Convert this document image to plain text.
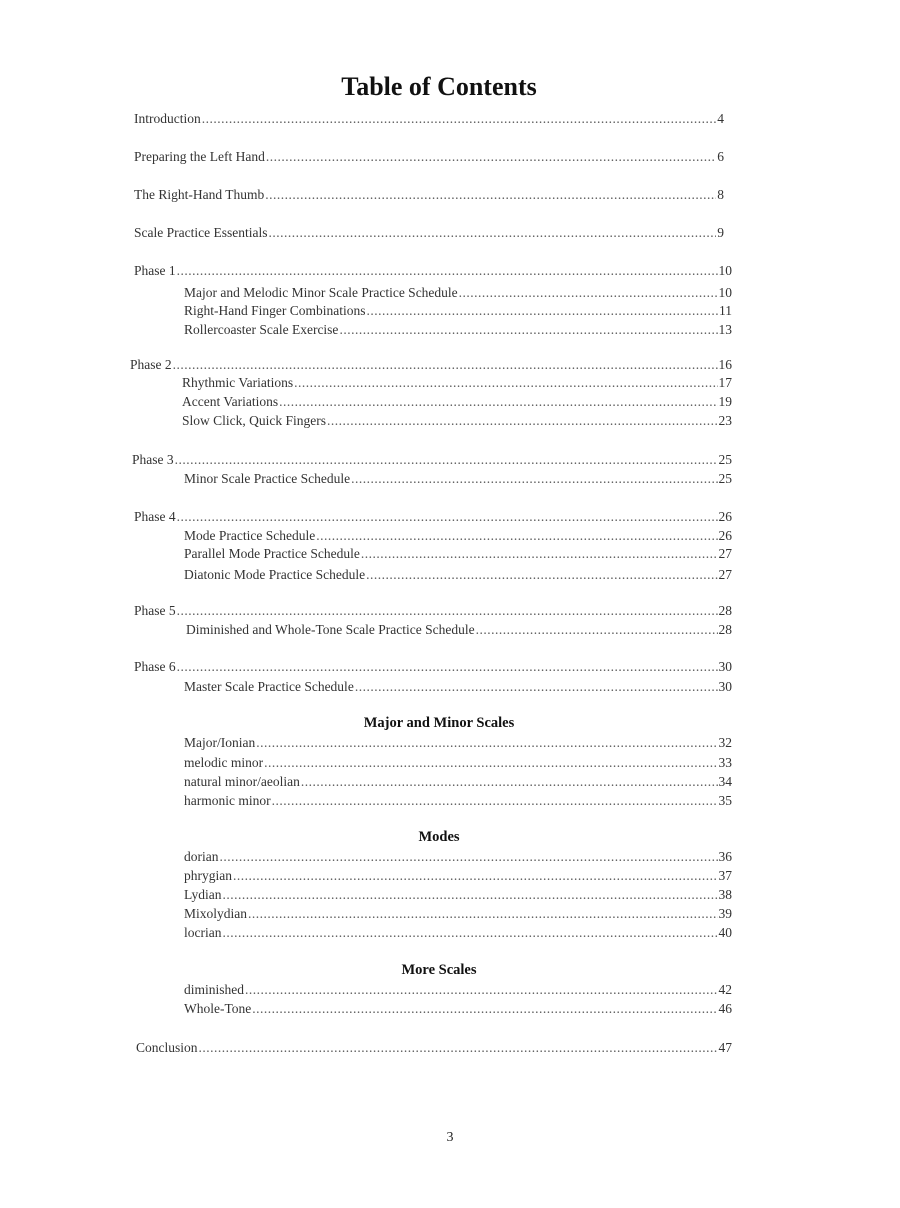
Table of Contents
Introduction .....	4
Preparing the Left Hand .....	6
The Right-Hand Thumb .....	8
Scale Practice Essentials .....	9
Phase 1 .....	10
Major and Melodic Minor Scale Practice Schedule .....	10
Right-Hand Finger Combinations .....	11
Rollercoaster Scale Exercise .....	13
Phase 2 .....	16
Rhythmic Variations .....	17
Accent Variations .....	19
Slow Click, Quick Fingers .....	23
Phase 3 .....	25
Minor Scale Practice Schedule .....	25
Phase 4 .....	26
Mode Practice Schedule .....	26
Parallel Mode Practice Schedule .....	27
Diatonic Mode Practice Schedule .....	27
Phase 5 .....	28
Diminished and Whole-Tone Scale Practice Schedule .....	28
Phase 6 .....	30
Master Scale Practice Schedule .....	30
Major and Minor Scales
Major/Ionian .....	32
melodic minor .....	33
natural minor/aeolian .....	34
harmonic minor .....	35
Modes
dorian .....	36
phrygian .....	37
Lydian .....	38
Mixolydian .....	39
locrian .....	40
More Scales
diminished .....	42
Whole-Tone .....	46
Conclusion .....	47
3
